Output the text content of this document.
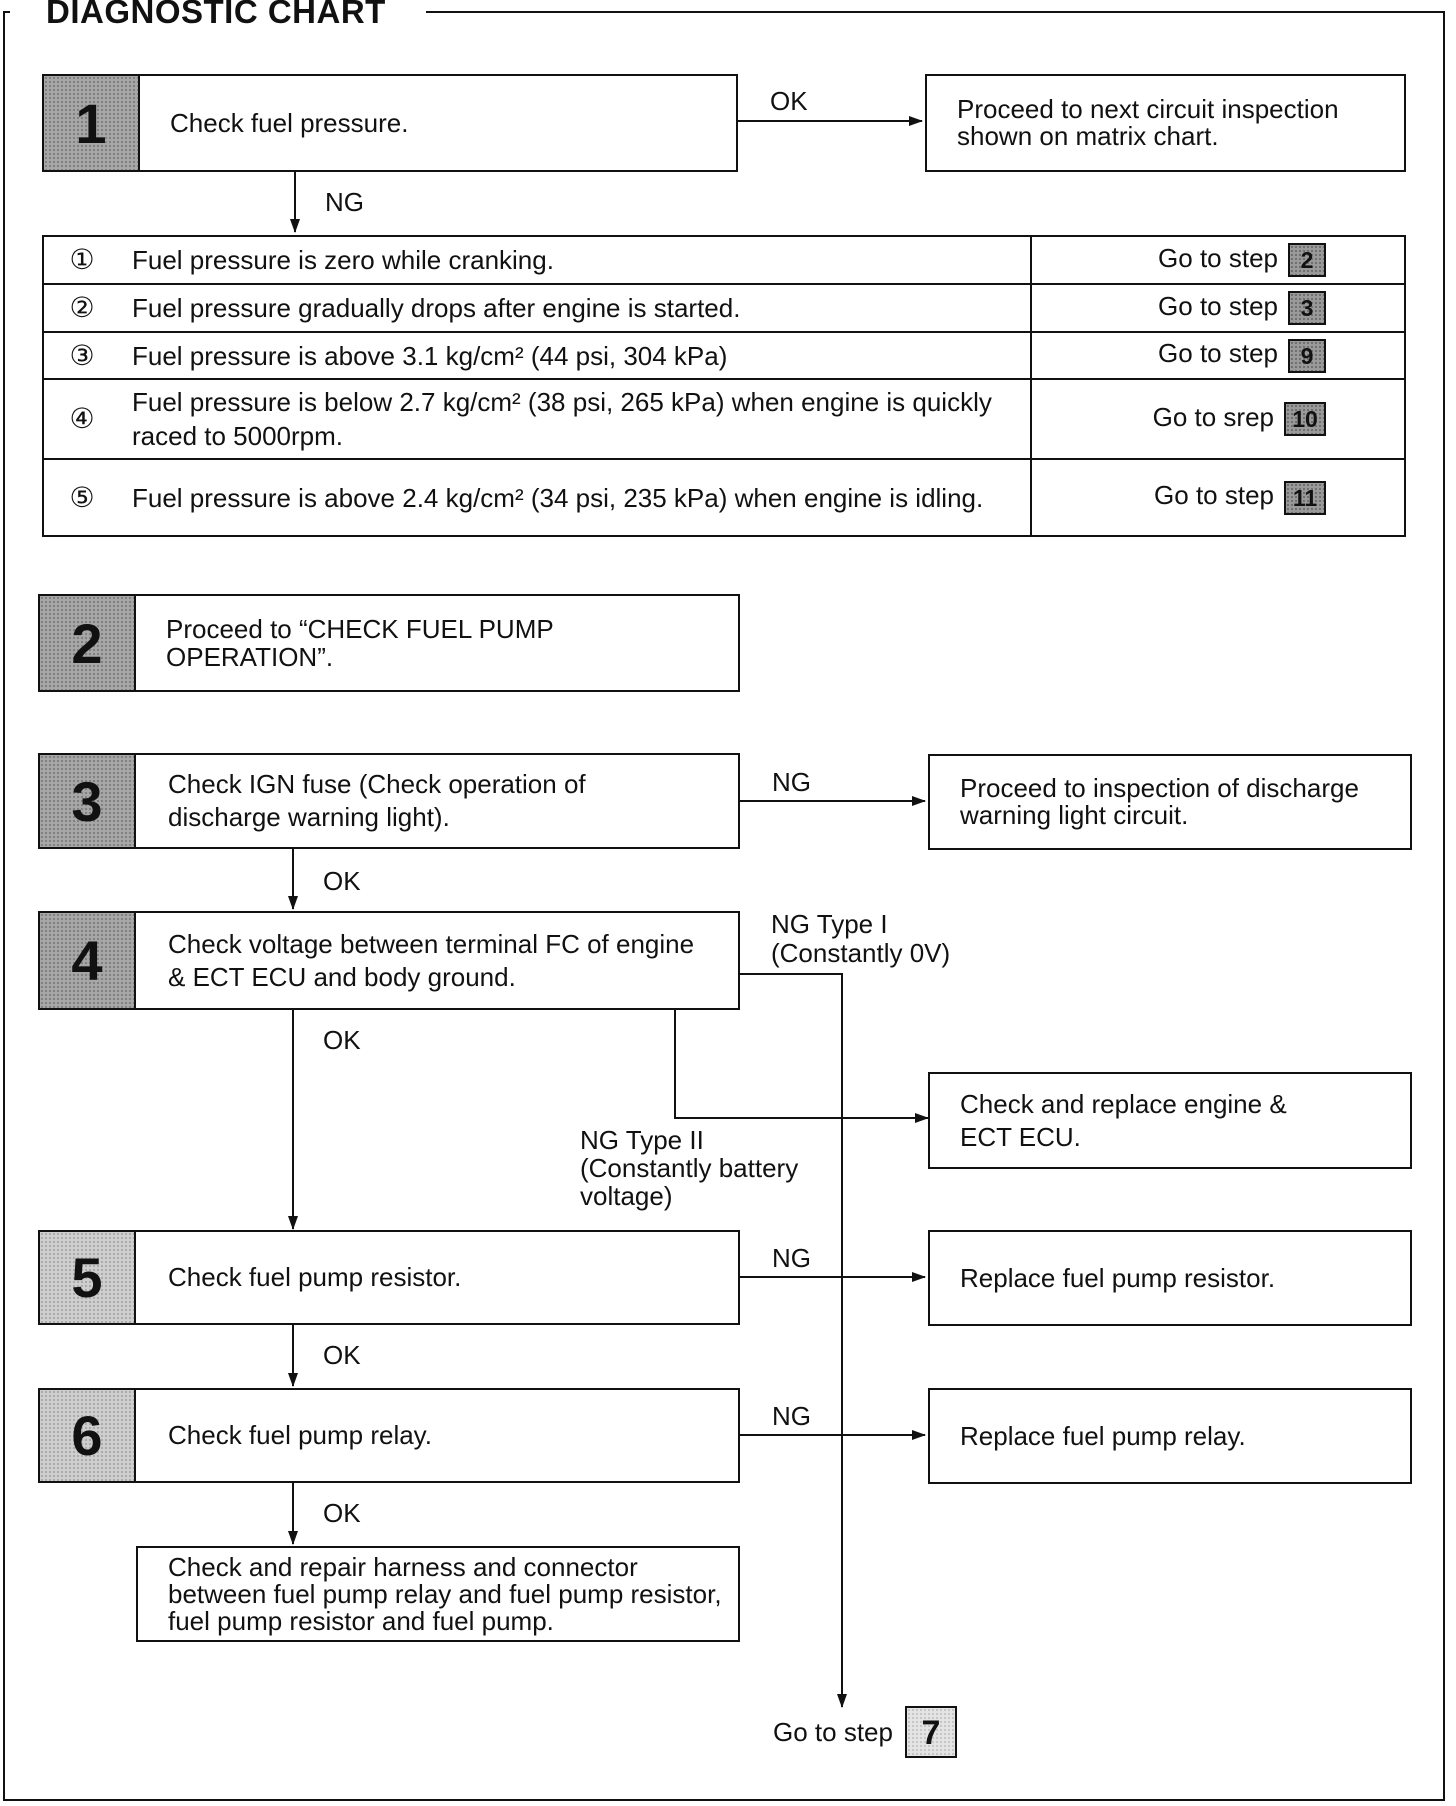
DIAGNOSTIC CHART
1	Check fuel pressure.
OK	Proceed to next circuit inspection shown on matrix chart.
NG
① Fuel pressure is zero while cranking.	Go to step 2

② Fuel pressure gradually drops after engine is started.	Go to step 3

③ Fuel pressure is above 3.1 kg/cm² (44 psi, 304 kPa)	Go to step 9

④
Fuel pressure is below 2.7 kg/cm² (38 psi, 265 kPa) when engine is quickly raced to 5000rpm.	Go to srep 10

⑤ Fuel pressure is above 2.4 kg/cm² (34 psi, 235 kPa) when engine is idling.	Go to step 11
2	Proceed to “CHECK FUEL PUMP OPERATION”.
3	Check IGN fuse (Check operation of discharge warning light).
NG	Proceed to inspection of discharge warning light circuit.
OK
4	Check voltage between terminal FC of engine & ECT ECU and body ground.
NG Type I (Constantly 0V)
OK
Check and replace engine & ECT ECU.
NG Type II (Constantly battery voltage)
5	Check fuel pump resistor.
NG
Replace fuel pump resistor.
OK
6	Check fuel pump relay.
NG
Replace fuel pump relay.
OK
Check and repair harness and connector between fuel pump relay and fuel pump resistor, fuel pump resistor and fuel pump.
Go to step 7
